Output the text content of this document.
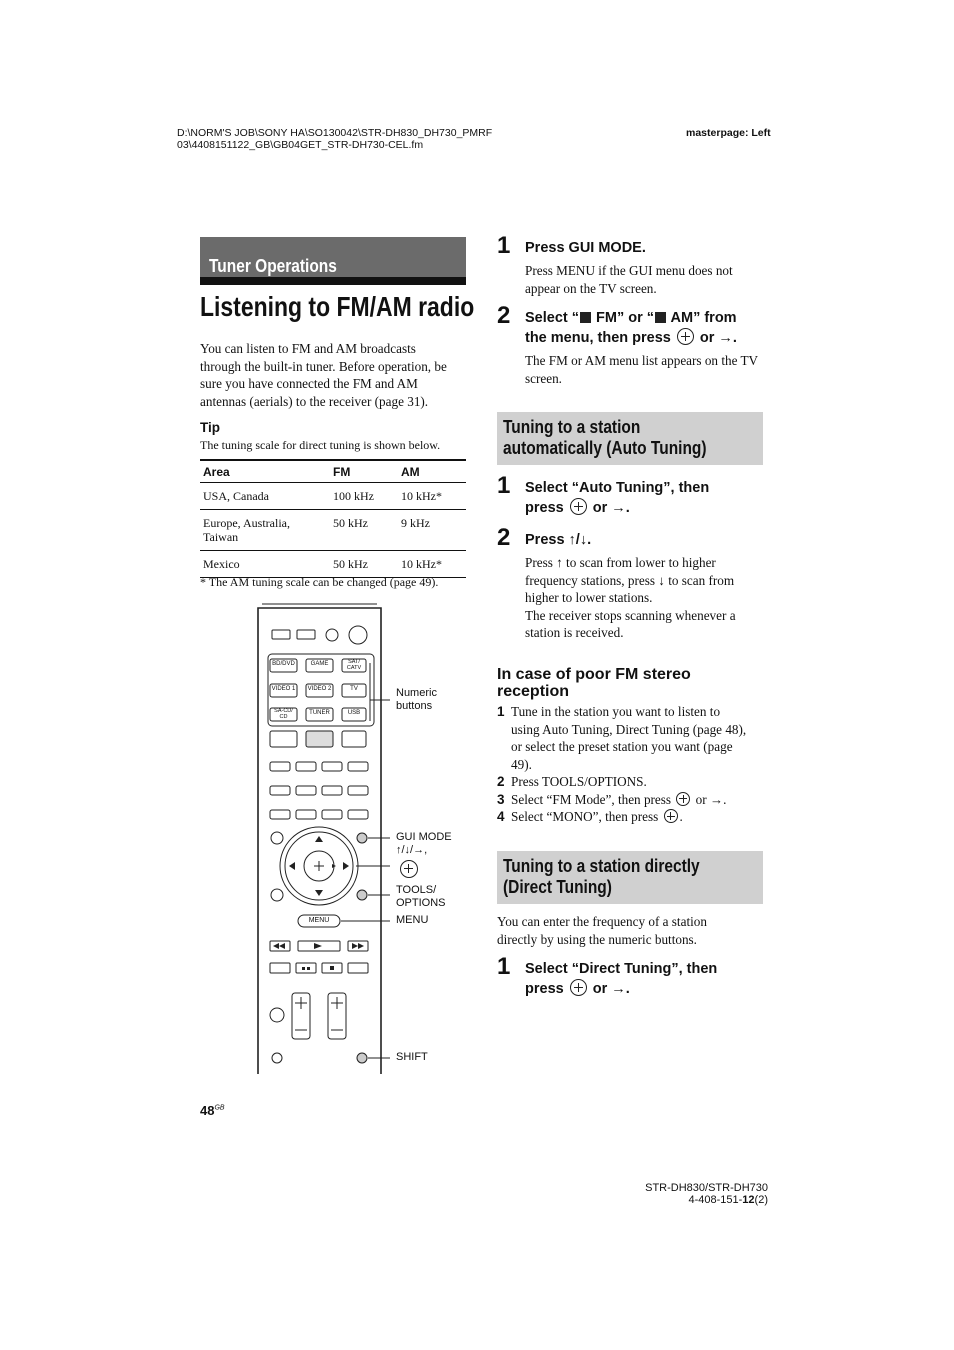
D:\NORM'S JOB\SONY HA\SO130042\STR-DH830_DH730_PMRF
03\4408151122_GB\GB04GET_STR-DH730-CEL.fm
masterpage: Left
Tuner Operations
Listening to FM/AM radio
You can listen to FM and AM broadcasts
through the built-in tuner. Before operation, be
sure you have connected the FM and AM
antennas (aerials) to the receiver (page 31).
Tip
The tuning scale for direct tuning is shown below.
Area	FM	AM
USA, Canada	100 kHz	10 kHz*
Europe, Australia, Taiwan	50 kHz	9 kHz
Mexico	50 kHz	10 kHz*
* The AM tuning scale can be changed (page 49).
BD/DVD	GAME	SAT/
CATV
VIDEO 1 VIDEO 2	TV
SA-CD/
CD
TUNER	USB
MENU
Numeric
buttons
GUI MODE
↑/↓/→,
TOOLS/
OPTIONS
MENU
SHIFT
1 Press GUI MODE.
Press MENU if the GUI menu does not appear on the TV screen.
2 Select “ FM” or “ AM” from
the menu, then press  or →.
The FM or AM menu list appears on the TV screen.
Tuning to a station
automatically (Auto Tuning)
1 Select “Auto Tuning”, then
press  or →.
2 Press ↑/↓.
Press ↑ to scan from lower to higher
frequency stations, press ↓ to scan from
higher to lower stations.
The receiver stops scanning whenever a
station is received.
In case of poor FM stereo reception
1 Tune in the station you want to listen to using Auto Tuning, Direct Tuning (page 48), or select the preset station you want (page 49).
2 Press TOOLS/OPTIONS.
3 Select “FM Mode”, then press  or →.
4 Select “MONO”, then press .
Tuning to a station directly
(Direct Tuning)
You can enter the frequency of a station
directly by using the numeric buttons.
1 Select “Direct Tuning”, then
press  or →.
$48^{GB}$
STR-DH830/STR-DH730
4-408-151-12(2)
